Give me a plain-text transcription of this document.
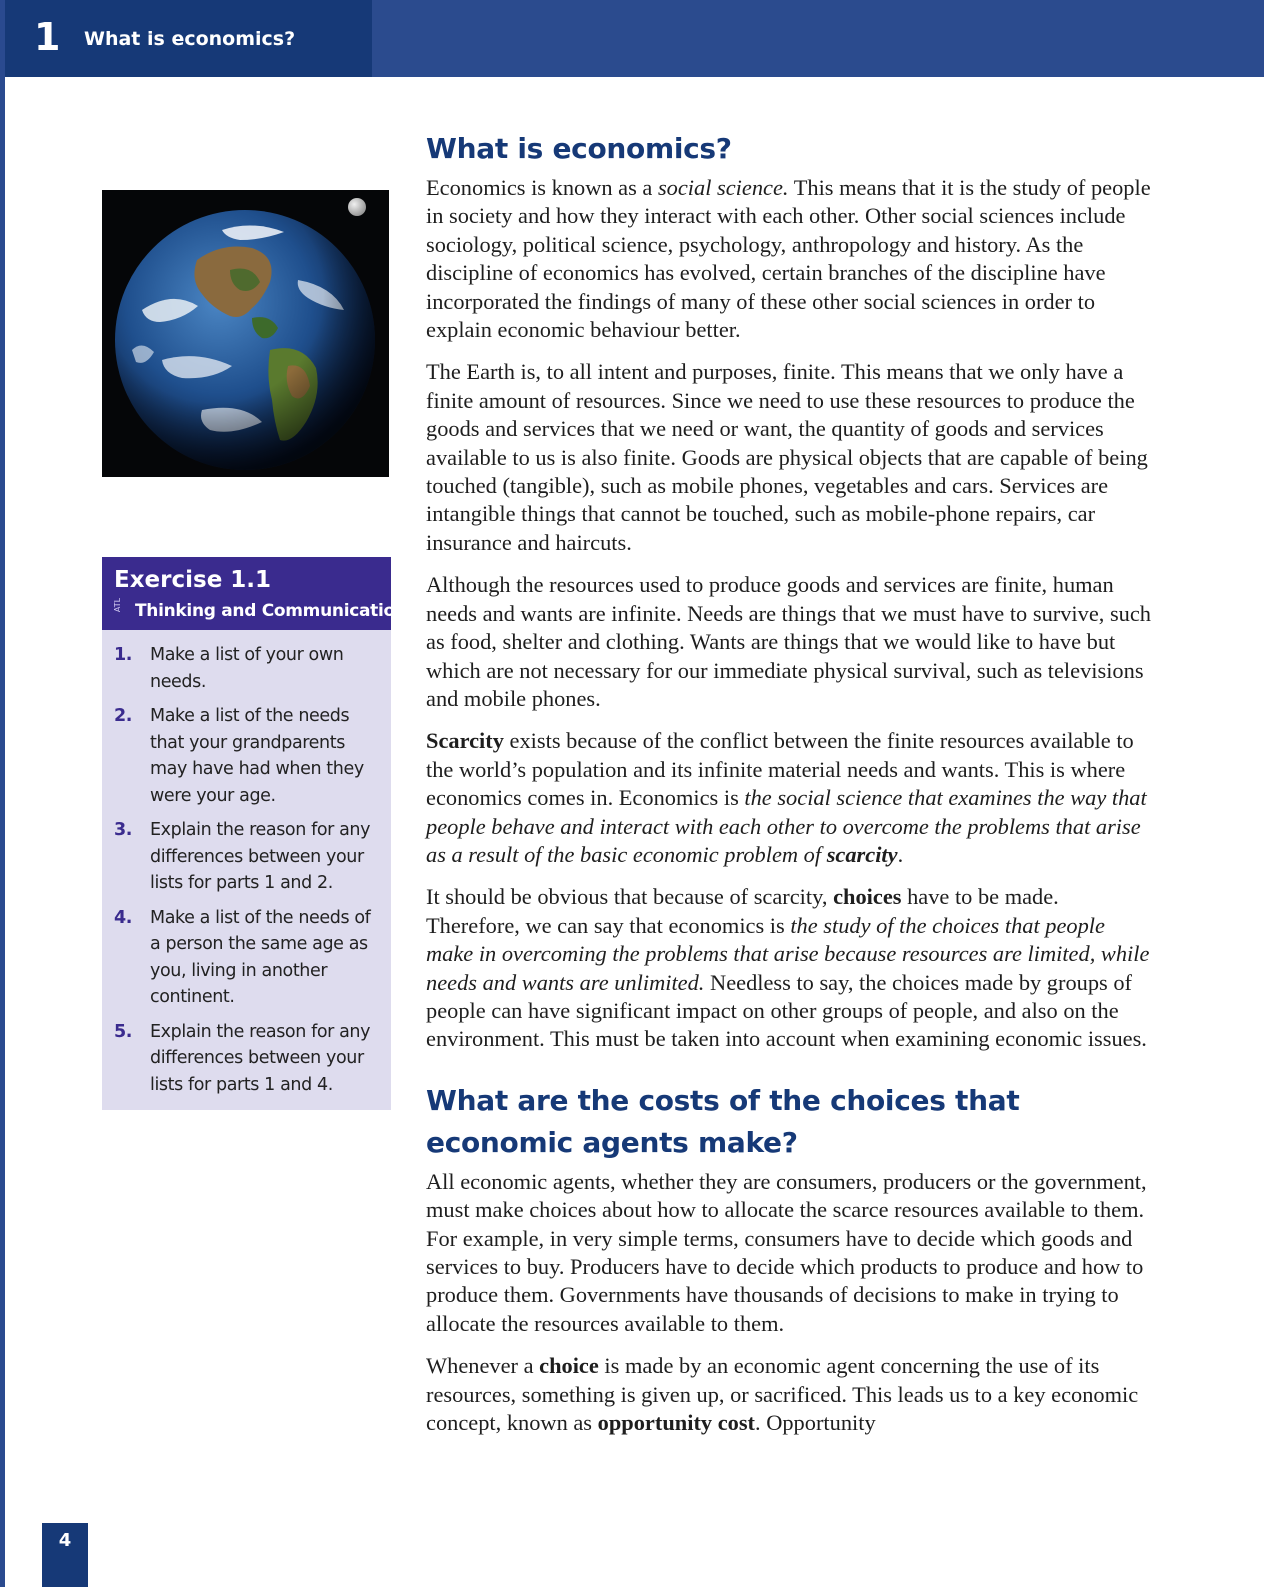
1 What is economics?
Exercise 1.1
ATL Thinking and Communication
1. Make a list of your own needs.
2. Make a list of the needs that your grandparents may have had when they were your age.
3. Explain the reason for any differences between your lists for parts 1 and 2.
4. Make a list of the needs of a person the same age as you, living in another continent.
5. Explain the reason for any differences between your lists for parts 1 and 4.
What is economics?

Economics is known as a social science. This means that it is the study of people in society and how they interact with each other. Other social sciences include sociology, political science, psychology, anthropology and history. As the discipline of economics has evolved, certain branches of the discipline have incorporated the findings of many of these other social sciences in order to explain economic behaviour better.

The Earth is, to all intent and purposes, finite. This means that we only have a finite amount of resources. Since we need to use these resources to produce the goods and services that we need or want, the quantity of goods and services available to us is also finite. Goods are physical objects that are capable of being touched (tangible), such as mobile phones, vegetables and cars. Services are intangible things that cannot be touched, such as mobile-phone repairs, car insurance and haircuts.

Although the resources used to produce goods and services are finite, human needs and wants are infinite. Needs are things that we must have to survive, such as food, shelter and clothing. Wants are things that we would like to have but which are not necessary for our immediate physical survival, such as televisions and mobile phones.

Scarcity exists because of the conflict between the finite resources available to the world’s population and its infinite material needs and wants. This is where economics comes in. Economics is the social science that examines the way that people behave and interact with each other to overcome the problems that arise as a result of the basic economic problem of scarcity.

It should be obvious that because of scarcity, choices have to be made. Therefore, we can say that economics is the study of the choices that people make in overcoming the problems that arise because resources are limited, while needs and wants are unlimited. Needless to say, the choices made by groups of people can have significant impact on other groups of people, and also on the environment. This must be taken into account when examining economic issues.

What are the costs of the choices that economic agents make?

All economic agents, whether they are consumers, producers or the government, must make choices about how to allocate the scarce resources available to them. For example, in very simple terms, consumers have to decide which goods and services to buy. Producers have to decide which products to produce and how to produce them. Governments have thousands of decisions to make in trying to allocate the resources available to them.

Whenever a choice is made by an economic agent concerning the use of its resources, something is given up, or sacrificed. This leads us to a key economic concept, known as opportunity cost. Opportunity

4
